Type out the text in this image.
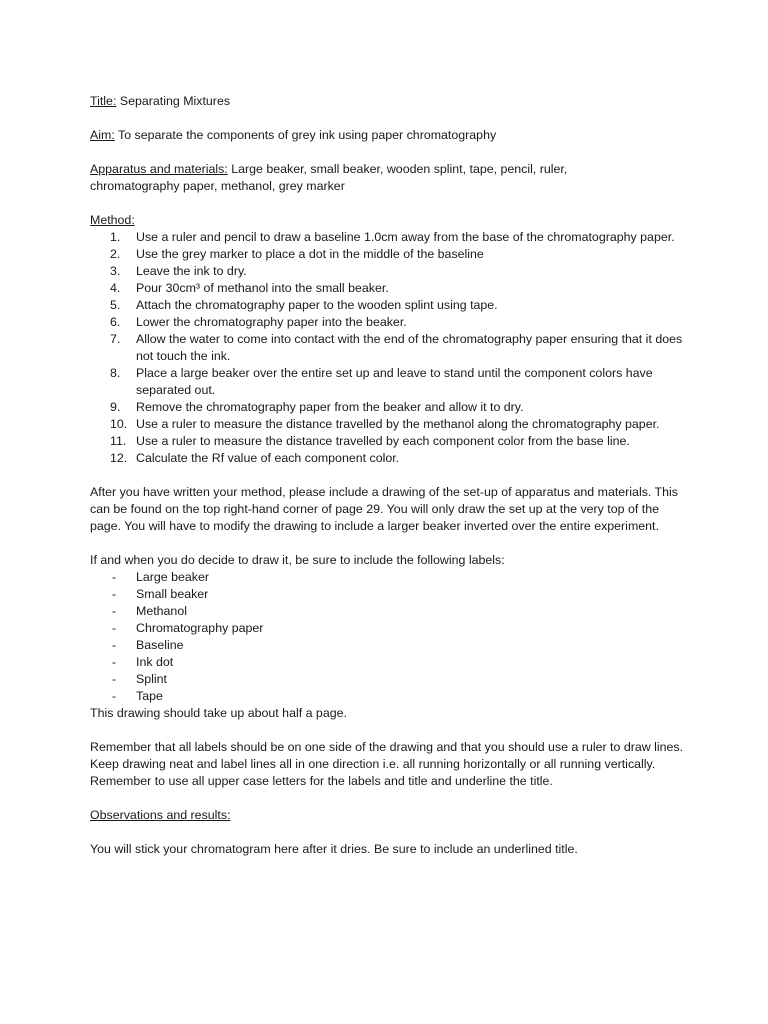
Title: Separating Mixtures

Aim: To separate the components of grey ink using paper chromatography

Apparatus and materials: Large beaker, small beaker, wooden splint, tape, pencil, ruler,
chromatography paper, methanol, grey marker

Method:

1.	Use a ruler and pencil to draw a baseline 1.0cm away from the base of the chromatography paper.
2.	Use the grey marker to place a dot in the middle of the baseline
3.	Leave the ink to dry.
4.	Pour 30cm³ of methanol into the small beaker.
5.	Attach the chromatography paper to the wooden splint using tape.
6.	Lower the chromatography paper into the beaker.
7.	Allow the water to come into contact with the end of the chromatography paper ensuring that it does not touch the ink.
8.	Place a large beaker over the entire set up and leave to stand until the component colors have separated out.
9.	Remove the chromatography paper from the beaker and allow it to dry.
10. Use a ruler to measure the distance travelled by the methanol along the chromatography paper.
11. Use a ruler to measure the distance travelled by each component color from the base line.
12. Calculate the Rf value of each component color.

After you have written your method, please include a drawing of the set-up of apparatus and materials. This can be found on the top right-hand corner of page 29. You will only draw the set up at the very top of the page. You will have to modify the drawing to include a larger beaker inverted over the entire experiment.

If and when you do decide to draw it, be sure to include the following labels:

- Large beaker
- Small beaker
- Methanol
- Chromatography paper
- Baseline
- Ink dot
- Splint
- Tape

This drawing should take up about half a page.

Remember that all labels should be on one side of the drawing and that you should use a ruler to draw lines. Keep drawing neat and label lines all in one direction i.e. all running horizontally or all running vertically. Remember to use all upper case letters for the labels and title and underline the title.

Observations and results:

You will stick your chromatogram here after it dries. Be sure to include an underlined title.
